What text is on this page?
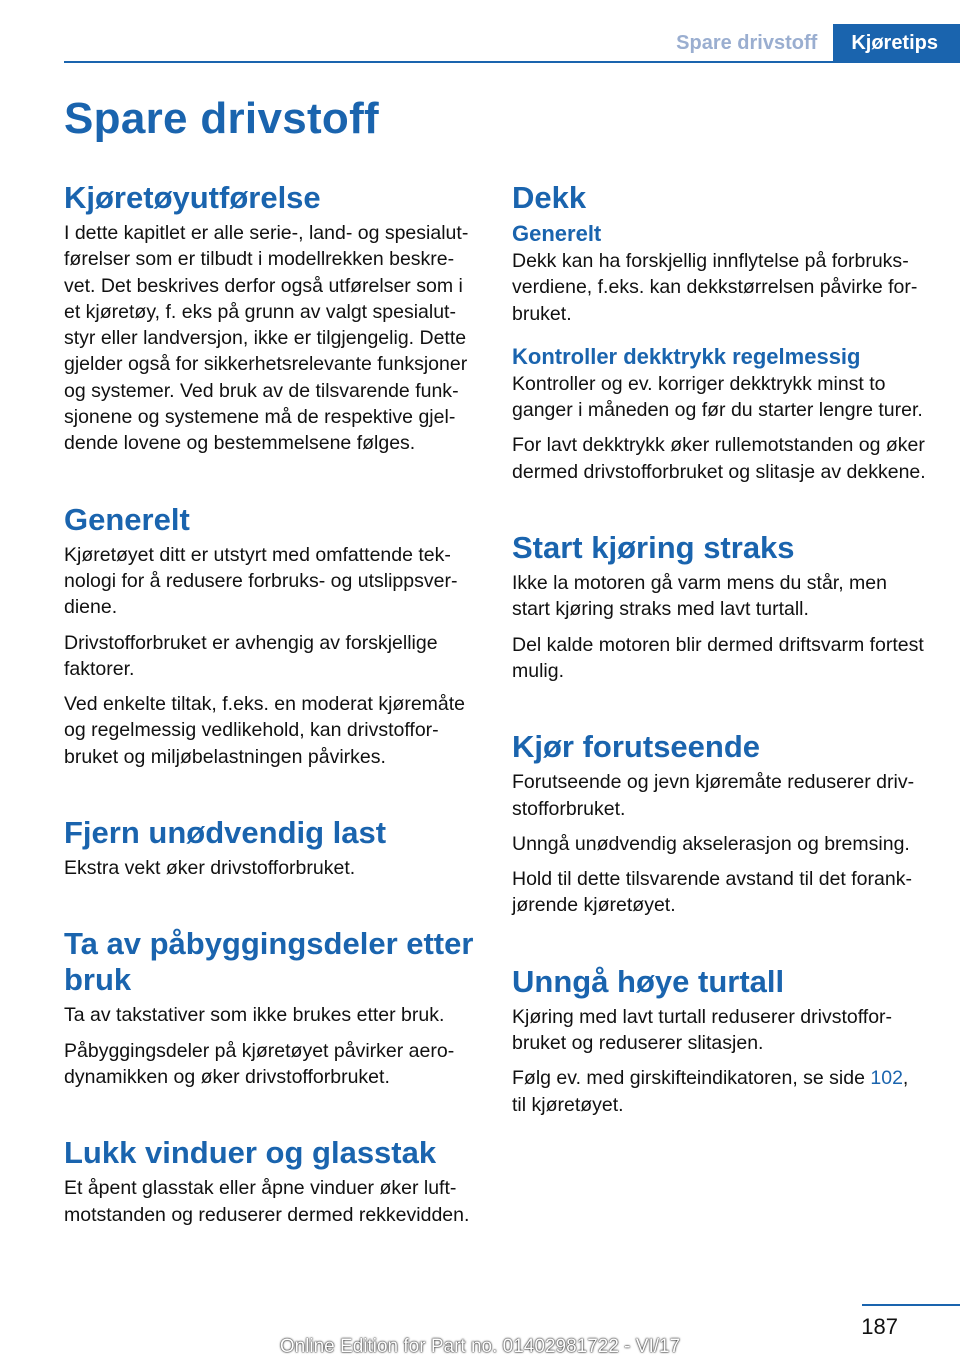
Spare drivstoff	Kjøretips
Spare drivstoff
Kjøretøyutførelse

I dette kapitlet er alle serie-, land- og spesialutførelser som er tilbudt i modellrekken beskrevet. Det beskrives derfor også utførelser som i et kjøretøy, f. eks på grunn av valgt spesialutstyr eller landversjon, ikke er tilgjengelig. Dette gjelder også for sikkerhetsrelevante funksjoner og systemer. Ved bruk av de tilsvarende funksjonene og systemene må de respektive gjeldende lovene og bestemmelsene følges.

Generelt

Kjøretøyet ditt er utstyrt med omfattende teknologi for å redusere forbruks- og utslippsverdiene.

Drivstofforbruket er avhengig av forskjellige faktorer.

Ved enkelte tiltak, f.eks. en moderat kjøremåte og regelmessig vedlikehold, kan drivstofforbruket og miljøbelastningen påvirkes.

Fjern unødvendig last

Ekstra vekt øker drivstofforbruket.

Ta av påbyggingsdeler etter bruk

Ta av takstativer som ikke brukes etter bruk.

Påbyggingsdeler på kjøretøyet påvirker aerodynamikken og øker drivstofforbruket.

Lukk vinduer og glasstak

Et åpent glasstak eller åpne vinduer øker luftmotstanden og reduserer dermed rekkevidden.

Dekk
Generelt

Dekk kan ha forskjellig innflytelse på forbruksverdiene, f.eks. kan dekkstørrelsen påvirke forbruket.

Kontroller dekktrykk regelmessig

Kontroller og ev. korriger dekktrykk minst to ganger i måneden og før du starter lengre turer.

For lavt dekktrykk øker rullemotstanden og øker dermed drivstofforbruket og slitasje av dekkene.

Start kjøring straks

Ikke la motoren gå varm mens du står, men start kjøring straks med lavt turtall.

Del kalde motoren blir dermed driftsvarm fortest mulig.

Kjør forutseende

Forutseende og jevn kjøremåte reduserer drivstofforbruket.

Unngå unødvendig akselerasjon og bremsing.

Hold til dette tilsvarende avstand til det forankjørende kjøretøyet.

Unngå høye turtall

Kjøring med lavt turtall reduserer drivstofforbruket og reduserer slitasjen.

Følg ev. med girskifteindikatoren, se side 102,
til kjøretøyet.

187
Online Edition for Part no. 01402981722 - VI/17
